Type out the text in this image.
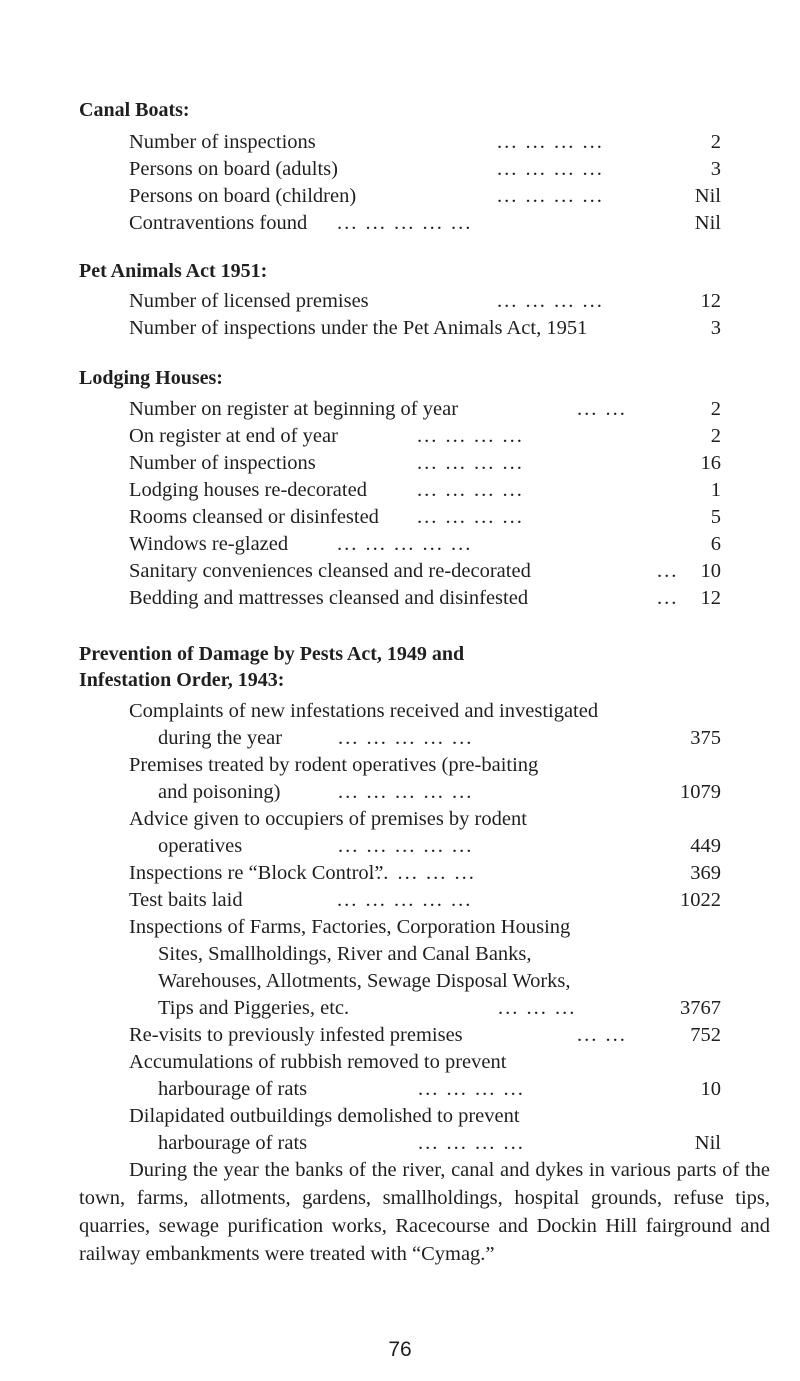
Canal Boats:
Number of inspections	... ... ... ...	2
Persons on board (adults)	... ... ... ...	3
Persons on board (children)	... ... ... ...	Nil
Contraventions found ... ... ... ... ...	Nil
Pet Animals Act 1951:
Number of licensed premises	... ... ... ...	12
Number of inspections under the Pet Animals Act, 1951	3
Lodging Houses:
Number on register at beginning of year	... ...	2
On register at end of year	... ... ... ...	2
Number of inspections	... ... ... ...	16
Lodging houses re-decorated ... ... ... ...	1
Rooms cleansed or disinfested ... ... ... ...	5
Windows re-glazed ... ... ... ... ...	6
Sanitary conveniences cleansed and re-decorated	... 10
Bedding and mattresses cleansed and disinfested	... 12
Prevention of Damage by Pests Act, 1949 and
Infestation Order, 1943:
Complaints of new infestations received and investigated
during the year	... ... ... ... ...	375
Premises treated by rodent operatives (pre-baiting
and poisoning)	... ... ... ... ...	1079
Advice given to occupiers of premises by rodent
operatives	... ... ... ... ...	449
Inspections re “Block Control”
... ... ... ...	369
Test baits laid	... ... ... ... ...	1022
Inspections of Farms, Factories, Corporation Housing
Sites, Smallholdings, River and Canal Banks,
Warehouses, Allotments, Sewage Disposal Works,
Tips and Piggeries, etc.	... ... ...	3767
Re-visits to previously infested premises	... ...	752
Accumulations of rubbish removed to prevent
harbourage of rats	... ... ... ...	10
Dilapidated outbuildings demolished to prevent
harbourage of rats	... ... ... ...	Nil
During the year the banks of the river, canal and dykes in various parts of the town, farms, allotments, gardens, smallholdings, hospital grounds, refuse tips, quarries, sewage purification works, Racecourse and Dockin Hill fairground and railway embankments were treated with “Cymag.”
76
